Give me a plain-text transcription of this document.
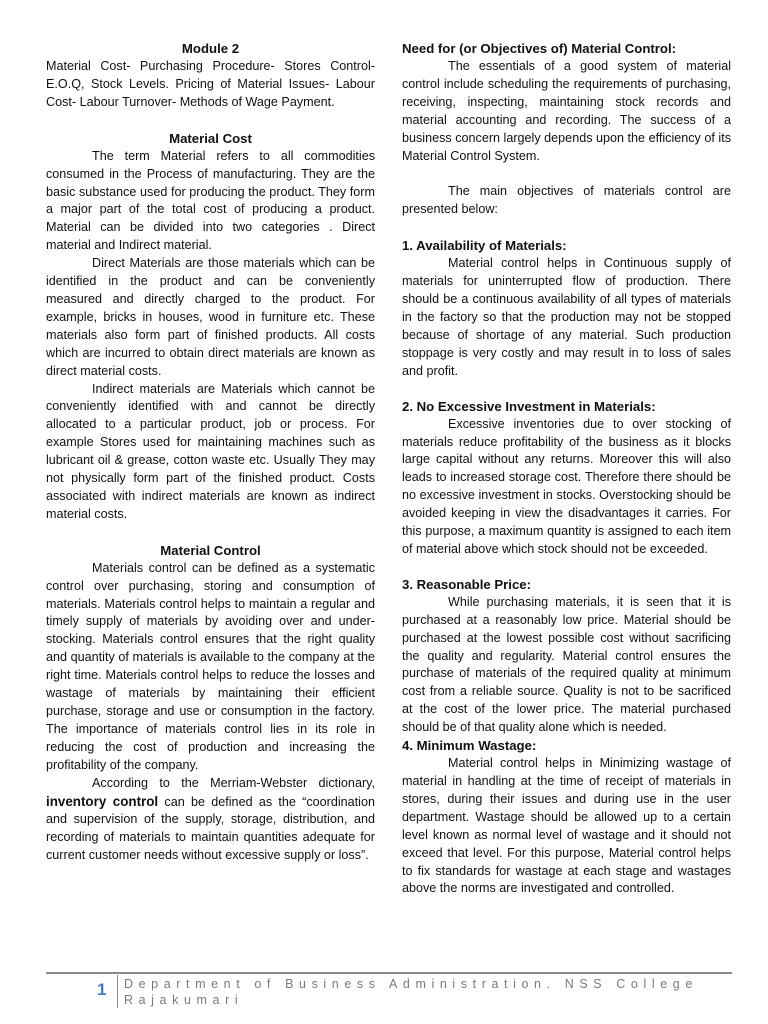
Module 2
Material Cost- Purchasing Procedure- Stores Control- E.O.Q, Stock Levels. Pricing of Material Issues- Labour Cost- Labour Turnover- Methods of Wage Payment.
Material Cost
The term Material refers to all commodities consumed in the Process of manufacturing. They are the basic substance used for producing the product. They form a major part of the total cost of producing a product. Material can be divided into two categories . Direct material and Indirect material.
Direct Materials are those materials which can be identified in the product and can be conveniently measured and directly charged to the product. For example, bricks in houses, wood in furniture etc. These materials also form part of finished products. All costs which are incurred to obtain direct materials are known as direct material costs.
Indirect materials are Materials which cannot be conveniently identified with and cannot be directly allocated to a particular product, job or process. For example Stores used for maintaining machines such as lubricant oil & grease, cotton waste etc. Usually They may not physically form part of the finished product. Costs associated with indirect materials are known as indirect material costs.
Material Control
Materials control can be defined as a systematic control over purchasing, storing and consumption of materials. Materials control helps to maintain a regular and timely supply of materials by avoiding over and under-stocking. Materials control ensures that the right quality and quantity of materials is available to the company at the right time. Materials control helps to reduce the losses and wastage of materials by maintaining their efficient purchase, storage and use or consumption in the factory. The importance of materials control lies in its role in reducing the cost of production and increasing the profitability of the company.
According to the Merriam-Webster dictionary, inventory control can be defined as the “coordination and supervision of the supply, storage, distribution, and recording of materials to maintain quantities adequate for current customer needs without excessive supply or loss”.
Need for (or Objectives of) Material Control:
The essentials of a good system of material control include scheduling the requirements of purchasing, receiving, inspecting, maintaining stock records and material accounting and recording. The success of a business concern largely depends upon the efficiency of its Material Control System.
The main objectives of materials control are presented below:
1. Availability of Materials:
Material control helps in Continuous supply of materials for uninterrupted flow of production. There should be a continuous availability of all types of materials in the factory so that the production may not be stopped because of shortage of any material. Such production stoppage is very costly and may result in to loss of sales and profit.
2. No Excessive Investment in Materials:
Excessive inventories due to over stocking of materials reduce profitability of the business as it blocks large capital without any returns. Moreover this will also leads to increased storage cost. Therefore there should be no excessive investment in stocks. Overstocking should be avoided keeping in view the disadvantages it carries. For this purpose, a maximum quantity is assigned to each item of material above which stock should not be exceeded.
3. Reasonable Price:
While purchasing materials, it is seen that it is purchased at a reasonably low price. Material should be purchased at the lowest possible cost without sacrificing the quality and regularity. Material control ensures the purchase of materials of the required quality at minimum cost from a reliable source. Quality is not to be sacrificed at the cost of the lower price. The material purchased should be of that quality alone which is needed.
4. Minimum Wastage:
Material control helps in Minimizing wastage of material in handling at the time of receipt of materials in stores, during their issues and during use in the user department. Wastage should be allowed up to a certain level known as normal level of wastage and it should not exceed that level. For this purpose, Material control helps to fix standards for wastage at each stage and wastages above the norms are investigated and controlled.
1 Department of Business Administration. NSS College Rajakumari
